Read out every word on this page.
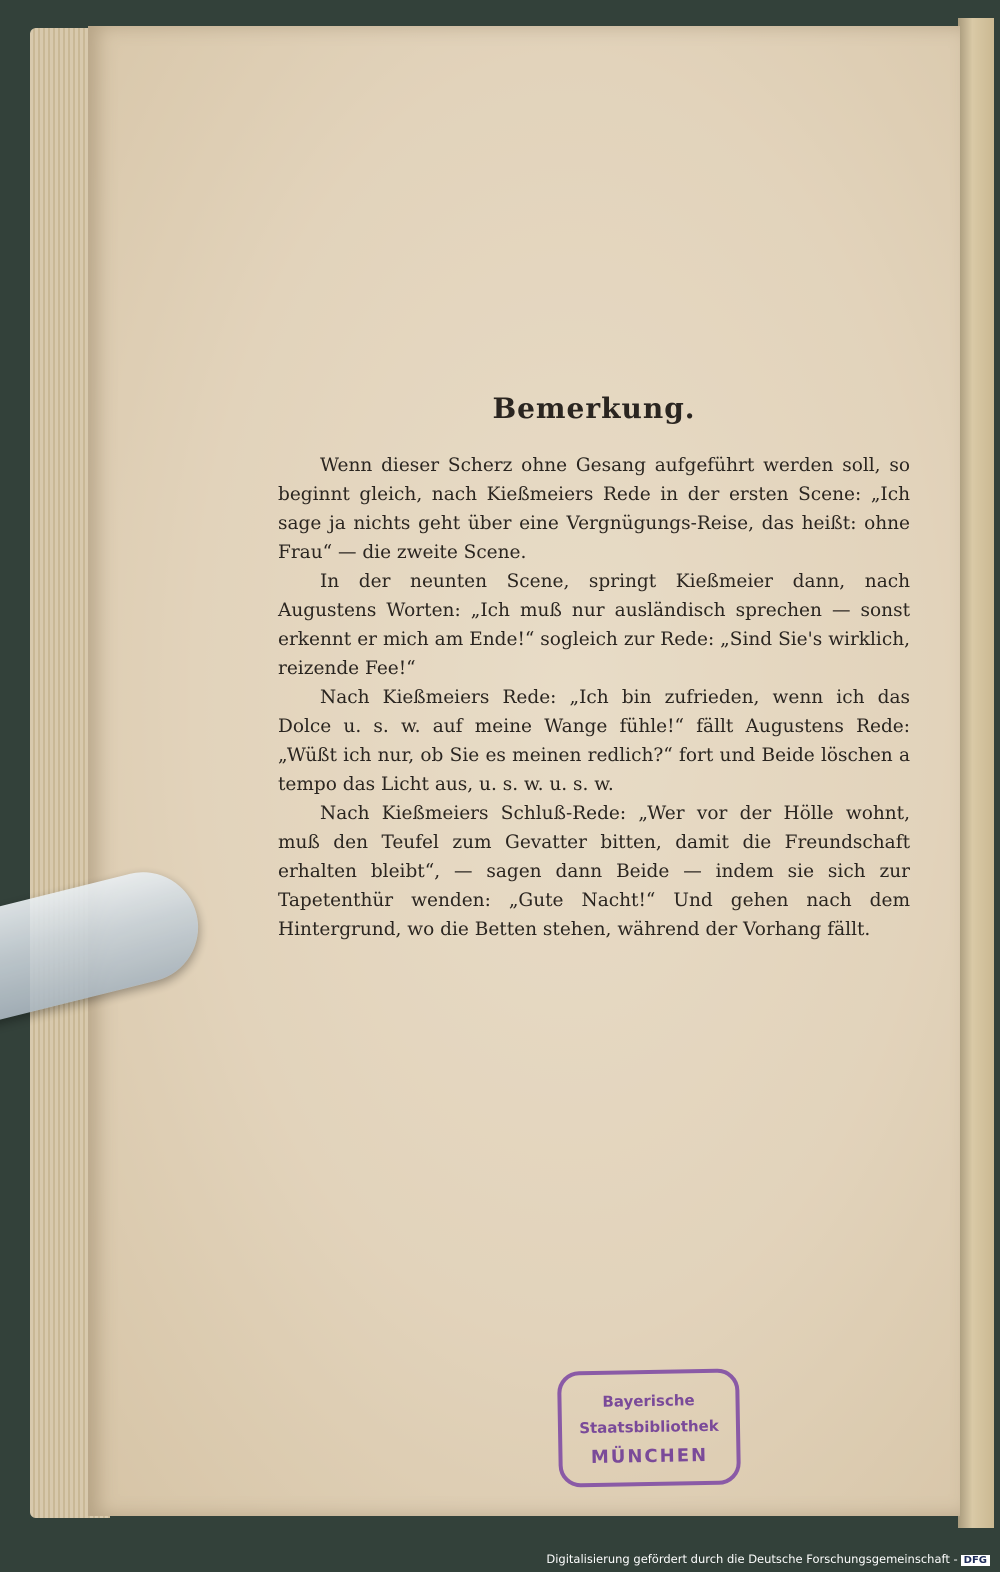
Bemerkung.

Wenn dieser Scherz ohne Gesang aufgeführt werden soll, so beginnt gleich, nach Kießmeiers Rede in der ersten Scene: „Ich sage ja nichts geht über eine Vergnügungs-Reise, das heißt: ohne Frau“ — die zweite Scene.

In der neunten Scene, springt Kießmeier dann, nach Augustens Worten: „Ich muß nur ausländisch sprechen — sonst erkennt er mich am Ende!“ sogleich zur Rede: „Sind Sie's wirklich, reizende Fee!“

Nach Kießmeiers Rede: „Ich bin zufrieden, wenn ich das Dolce u. s. w. auf meine Wange fühle!“ fällt Augustens Rede: „Wüßt ich nur, ob Sie es meinen redlich?“ fort und Beide löschen a tempo das Licht aus, u. s. w. u. s. w.

Nach Kießmeiers Schluß-Rede: „Wer vor der Hölle wohnt, muß den Teufel zum Gevatter bitten, damit die Freundschaft erhalten bleibt“, — sagen dann Beide — indem sie sich zur Tapetenthür wenden: „Gute Nacht!“ Und gehen nach dem Hintergrund, wo die Betten stehen, während der Vorhang fällt.

Bayerische
Staatsbibliothek
MÜNCHEN
Digitalisierung gefördert durch die Deutsche Forschungsgemeinschaft - DFG
